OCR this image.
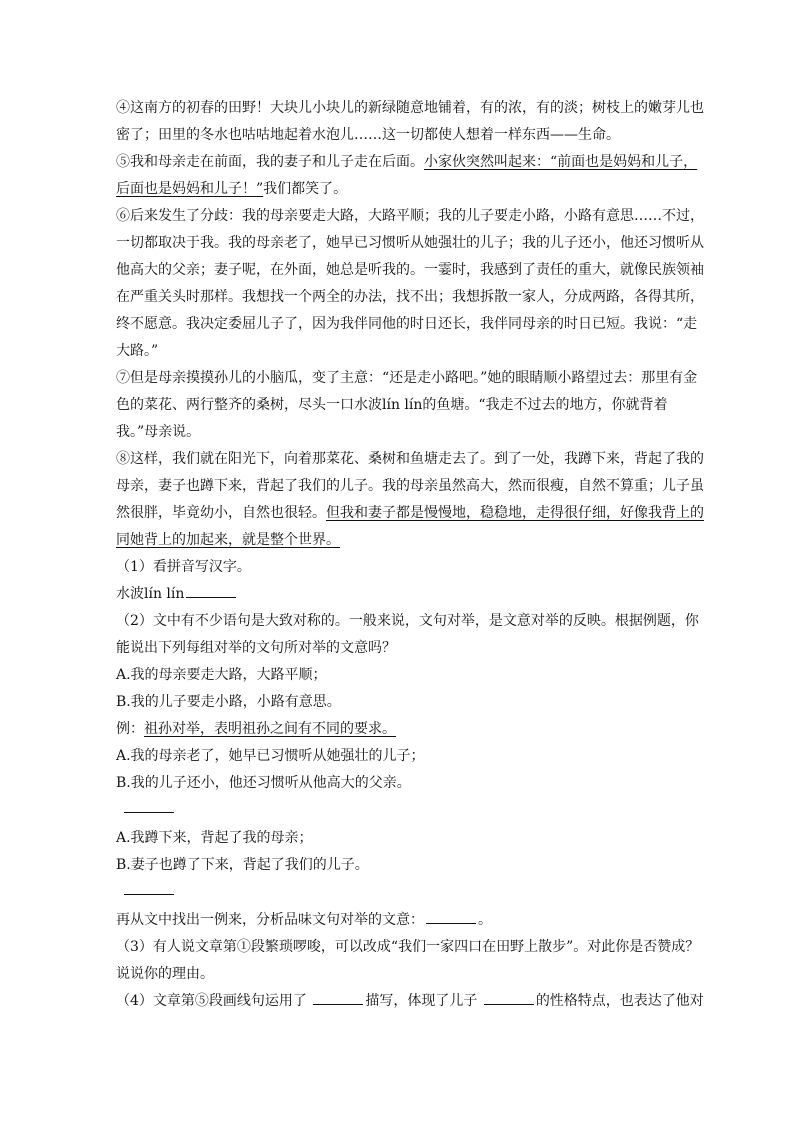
④这南方的初春的田野！大块儿小块儿的新绿随意地铺着，有的浓，有的淡；树枝上的嫩芽儿也密了；田里的冬水也咕咕地起着水泡儿……这一切都使人想着一样东西——生命。

⑤我和母亲走在前面，我的妻子和儿子走在后面。小家伙突然叫起来：“前面也是妈妈和儿子，后面也是妈妈和儿子！”我们都笑了。

⑥后来发生了分歧：我的母亲要走大路，大路平顺；我的儿子要走小路，小路有意思……不过，一切都取决于我。我的母亲老了，她早已习惯听从她强壮的儿子；我的儿子还小，他还习惯听从他高大的父亲；妻子呢，在外面，她总是听我的。一霎时，我感到了责任的重大，就像民族领袖在严重关头时那样。我想找一个两全的办法，找不出；我想拆散一家人，分成两路，各得其所，终不愿意。我决定委屈儿子了，因为我伴同他的时日还长，我伴同母亲的时日已短。我说：“走大路。”

⑦但是母亲摸摸孙儿的小脑瓜，变了主意：“还是走小路吧。”她的眼睛顺小路望过去：那里有金色的菜花、两行整齐的桑树，尽头一口水波lín lín的鱼塘。“我走不过去的地方，你就背着我。”母亲说。

⑧这样，我们就在阳光下，向着那菜花、桑树和鱼塘走去了。到了一处，我蹲下来，背起了我的母亲，妻子也蹲下来，背起了我们的儿子。我的母亲虽然高大，然而很瘦，自然不算重；儿子虽然很胖，毕竟幼小，自然也很轻。但我和妻子都是慢慢地，稳稳地，走得很仔细，好像我背上的同她背上的加起来，就是整个世界。

（1）看拼音写汉字。

水波lín lín

（2）文中有不少语句是大致对称的。一般来说，文句对举，是文意对举的反映。根据例题，你能说出下列每组对举的文句所对举的文意吗？

A.我的母亲要走大路，大路平顺；

B.我的儿子要走小路，小路有意思。

例：祖孙对举，表明祖孙之间有不同的要求。

A.我的母亲老了，她早已习惯听从她强壮的儿子；

B.我的儿子还小，他还习惯听从他高大的父亲。

A.我蹲下来，背起了我的母亲；

B.妻子也蹲了下来，背起了我们的儿子。

再从文中找出一例来，分析品味文句对举的文意：	。

（3）有人说文章第①段繁琐啰唆，可以改成“我们一家四口在田野上散步”。对此你是否赞成？说说你的理由。

（4）文章第⑤段画线句运用了	描写，体现了儿子	的性格特点，也表达了他对
